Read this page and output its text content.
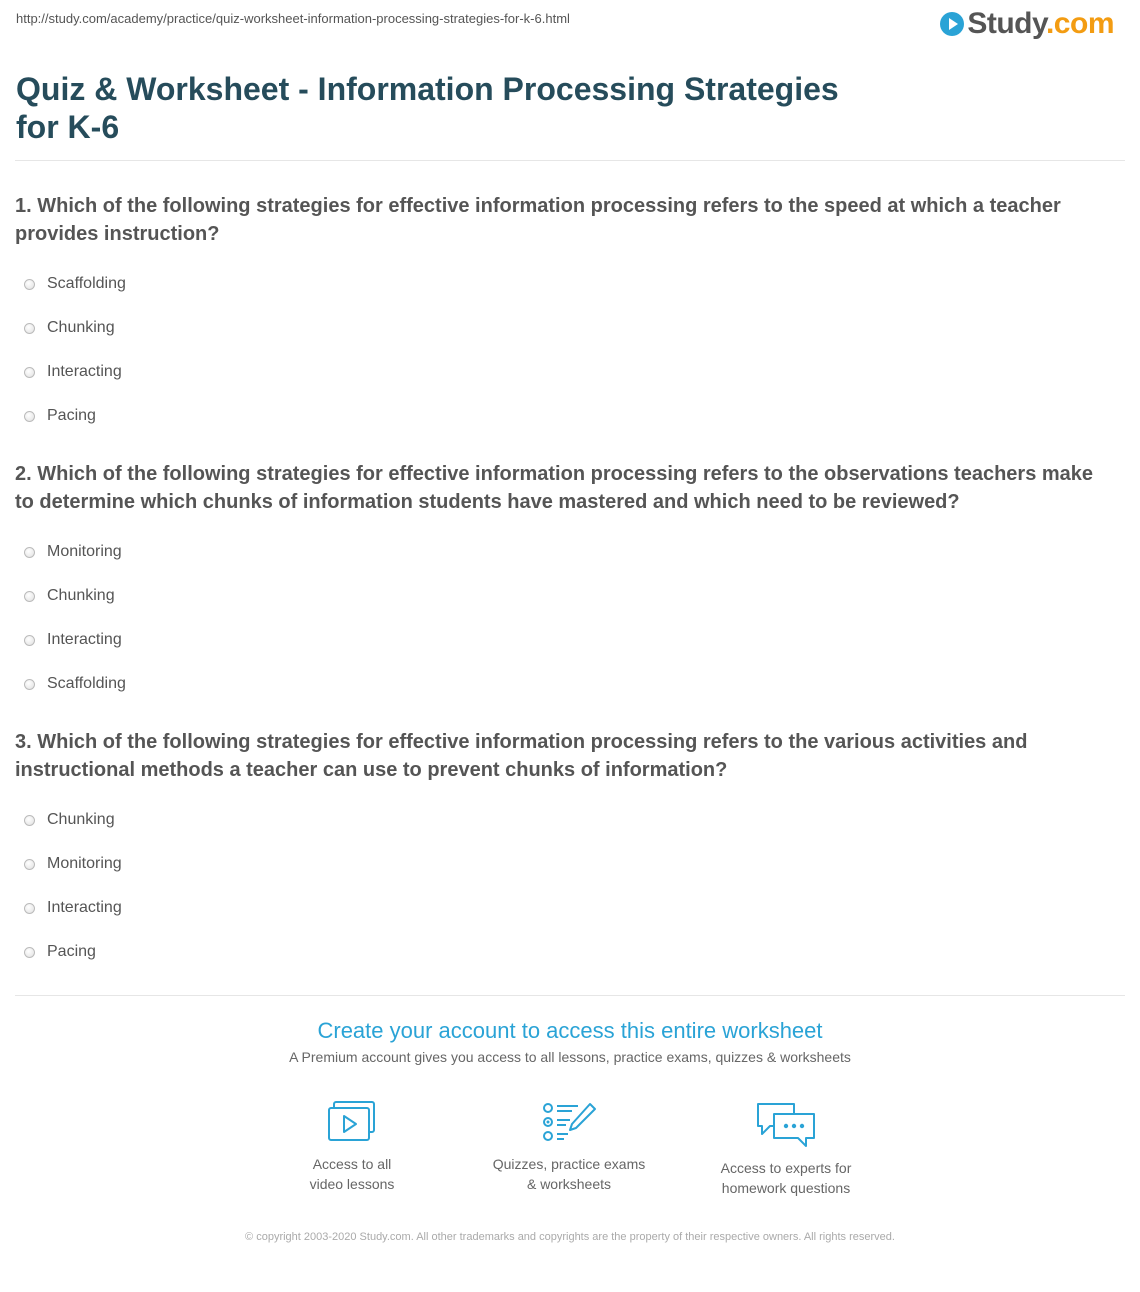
http://study.com/academy/practice/quiz-worksheet-information-processing-strategies-for-k-6.html	Study.com
Quiz & Worksheet - Information Processing Strategies for K-6
1. Which of the following strategies for effective information processing refers to the speed at which a teacher provides instruction?
Scaffolding
Chunking
Interacting
Pacing
2. Which of the following strategies for effective information processing refers to the observations teachers make to determine which chunks of information students have mastered and which need to be reviewed?
Monitoring
Chunking
Interacting
Scaffolding
3. Which of the following strategies for effective information processing refers to the various activities and instructional methods a teacher can use to prevent chunks of information?
Chunking
Monitoring
Interacting
Pacing
Create your account to access this entire worksheet
A Premium account gives you access to all lessons, practice exams, quizzes & worksheets
Access to all
video lessons
Quizzes, practice exams
& worksheets
Access to experts for
homework questions
© copyright 2003-2020 Study.com. All other trademarks and copyrights are the property of their respective owners. All rights reserved.
